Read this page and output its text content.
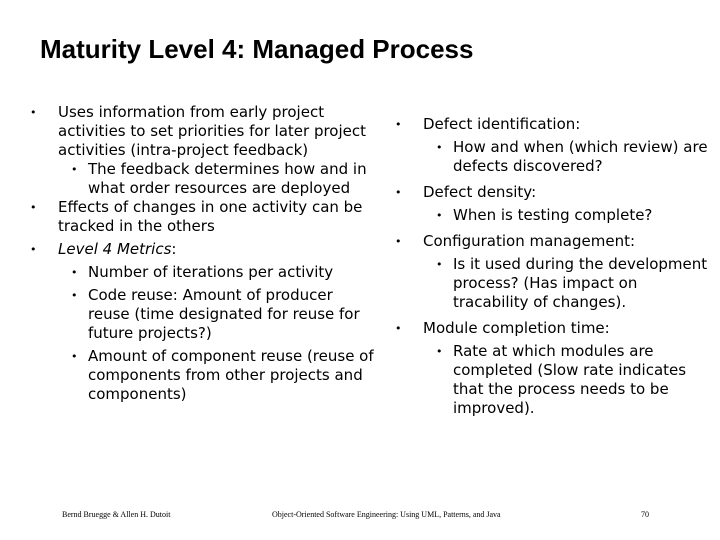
Maturity Level 4: Managed Process
• Uses information from early project activities to set priorities for later project activities (intra-project feedback)
• The feedback determines how and in what order resources are deployed
• Effects of changes in one activity can be tracked in the others
• Level 4 Metrics:
• Number of iterations per activity
• Code reuse: Amount of producer reuse (time designated for reuse for future projects?)
• Amount of component reuse (reuse of components from other projects and components)
• Defect identification:
• How and when (which review) are defects discovered?
• Defect density:
• When is testing complete?
• Configuration management:
• Is it used during the development process? (Has impact on tracability of changes).
• Module completion time:
• Rate at which modules are completed (Slow rate indicates that the process needs to be improved).
Bernd Bruegge & Allen H. Dutoit	Object-Oriented Software Engineering: Using UML, Patterns, and Java	70
